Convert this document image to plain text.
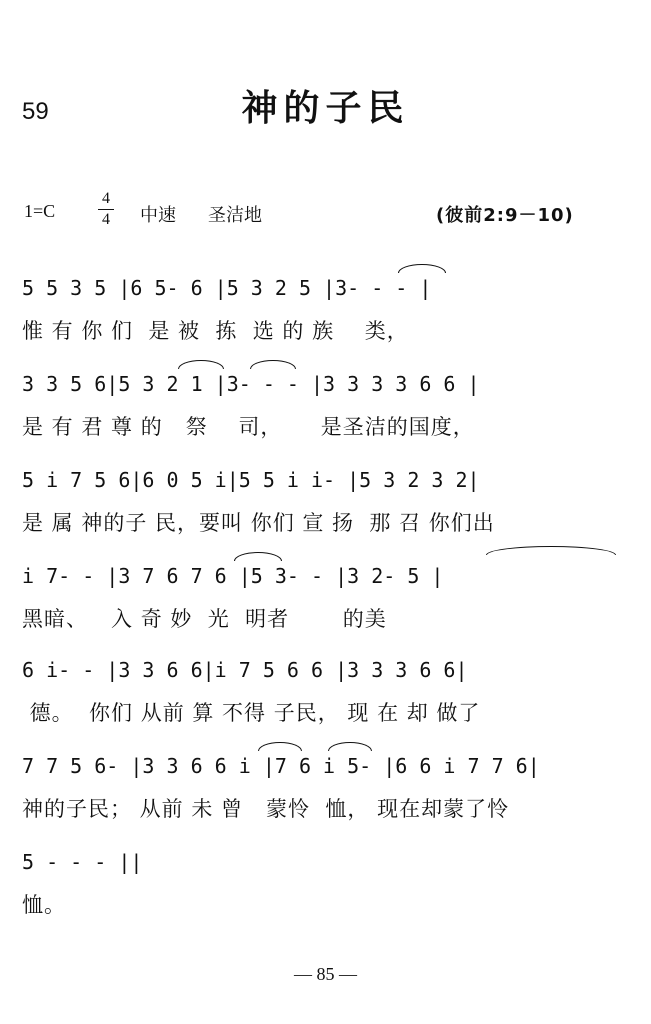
59	神的子民
1=C
4
4 中速 圣洁地	(彼前2:9－10)
5 5 3 5 |6 5- 6 |5 3 2 5 |3- - - |
惟 有 你 们  是 被  拣  选 的 族    类，
3 3 5 6|5 3 2 1 |3- - - |3 3 3 3 6 6 |
是 有 君 尊 的   祭    司，     是圣洁的国度，
5 i 7 5 6|6 0 5 i|5 5 i i- |5 3 2 3 2|
是 属 神的子 民，要叫 你们 宣 扬  那 召 你们出
i 7- - |3 7 6 7 6 |5 3- - |3 2- 5 |
黑暗、   入 奇 妙  光  明者       的美
6 i- - |3 3 6 6|i 7 5 6 6 |3 3 3 6 6|
德。  你们 从前 算 不得 子民， 现 在 却 做了
7 7 5 6- |3 3 6 6 i |7 6 i 5- |6 6 i 7 7 6|
神的子民； 从前 未 曾   蒙怜  恤， 现在却蒙了怜
5 - - - ||
恤。
— 85 —
